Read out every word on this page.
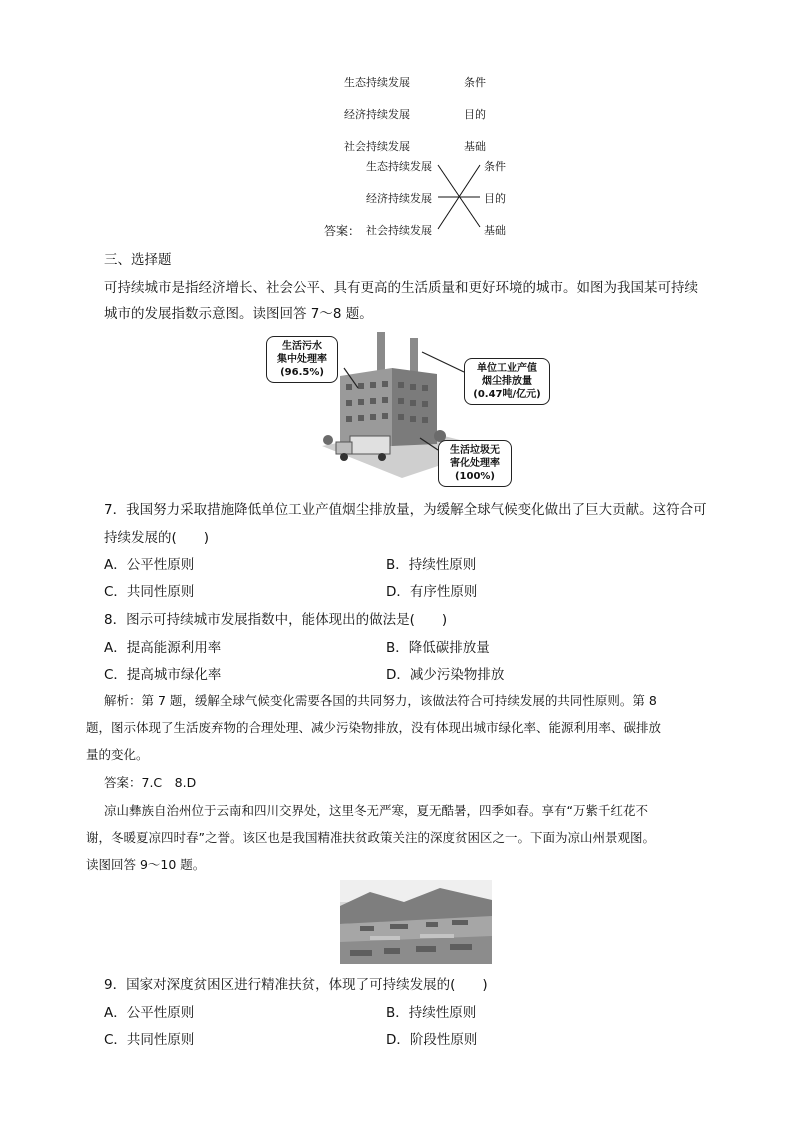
生态持续发展	条件
经济持续发展	目的
社会持续发展	基础
生态持续发展	条件
经济持续发展	目的
答案： 社会持续发展	基础
三、选择题
可持续城市是指经济增长、社会公平、具有更高的生活质量和更好环境的城市。如图为我国某可持续
城市的发展指数示意图。读图回答 7～8 题。
生活污水
集中处理率
(96.5%)	单位工业产值
烟尘排放量
(0.47吨/亿元)
生活垃圾无
害化处理率
(100%)
7．我国努力采取措施降低单位工业产值烟尘排放量，为缓解全球气候变化做出了巨大贡献。这符合可
持续发展的(　　)
A．公平性原则	B．持续性原则
C．共同性原则	D．有序性原则
8．图示可持续城市发展指数中，能体现出的做法是(　　)
A．提高能源利用率	B．降低碳排放量
C．提高城市绿化率	D．减少污染物排放
解析：第 7 题，缓解全球气候变化需要各国的共同努力，该做法符合可持续发展的共同性原则。第 8
题，图示体现了生活废弃物的合理处理、减少污染物排放，没有体现出城市绿化率、能源利用率、碳排放
量的变化。
答案：7.C　8.D
凉山彝族自治州位于云南和四川交界处，这里冬无严寒，夏无酷暑，四季如春。享有“万紫千红花不
谢，冬暖夏凉四时春”之誉。该区也是我国精准扶贫政策关注的深度贫困区之一。下面为凉山州景观图。
读图回答 9～10 题。
9．国家对深度贫困区进行精准扶贫，体现了可持续发展的(　　)
A．公平性原则	B．持续性原则
C．共同性原则	D．阶段性原则
